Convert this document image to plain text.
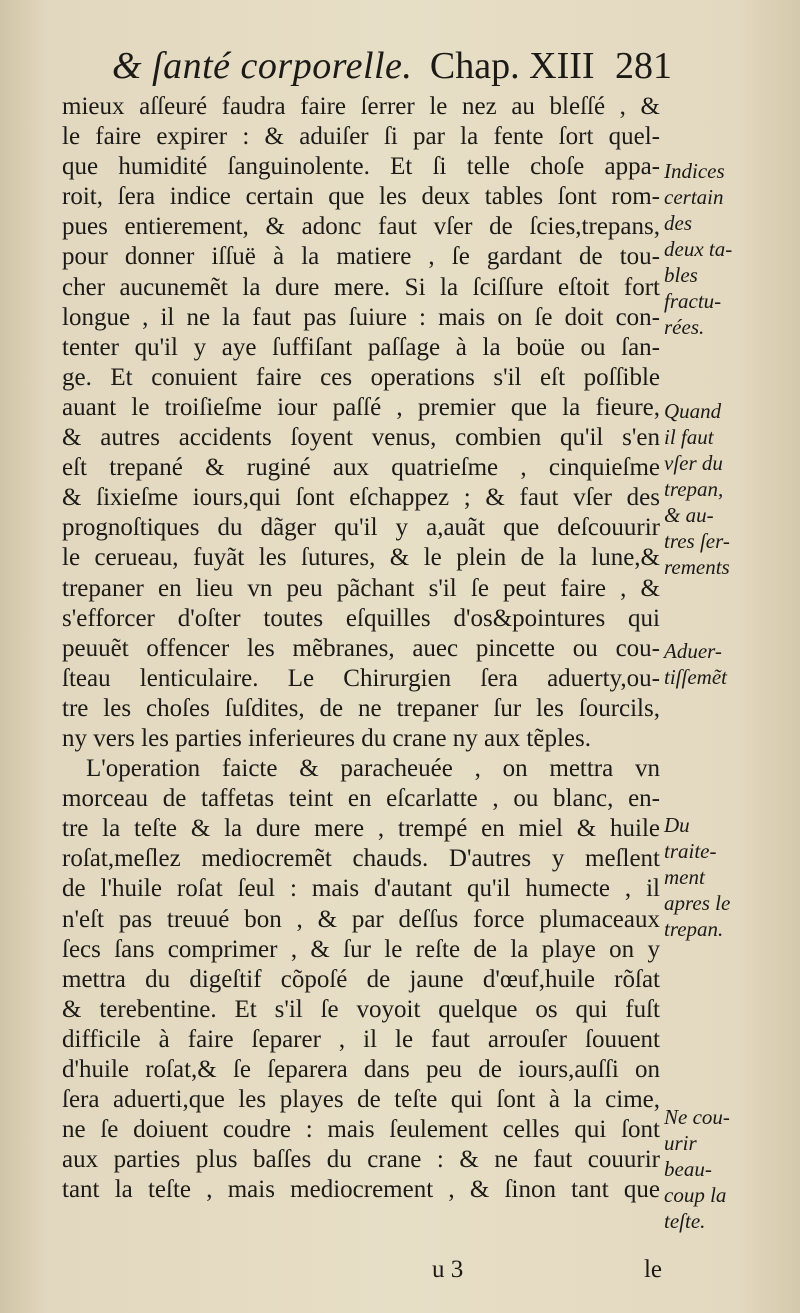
& ſanté corporelle. Chap. XIII 281
mieux aſſeuré faudra faire ſerrer le nez au bleſſé , &
le faire expirer : & aduiſer ſi par la fente ſort quel-
que humidité ſanguinolente. Et ſi telle choſe appa-
roit, ſera indice certain que les deux tables ſont rom-
pues entierement, & adonc faut vſer de ſcies,trepans,
pour donner iſſuë à la matiere , ſe gardant de tou-
cher aucunemẽt la dure mere. Si la ſciſſure eſtoit fort
longue , il ne la faut pas ſuiure : mais on ſe doit con-
tenter qu'il y aye ſuffiſant paſſage à la boüe ou ſan-
ge. Et conuient faire ces operations s'il eſt poſſible
auant le troiſieſme iour paſſé , premier que la fieure,
& autres accidents ſoyent venus, combien qu'il s'en
eſt trepané & ruginé aux quatrieſme , cinquieſme
& ſixieſme iours,qui ſont eſchappez ; & faut vſer des
prognoſtiques du dãger qu'il y a,auãt que deſcouurir
le cerueau, fuyãt les ſutures, & le plein de la lune,&
trepaner en lieu vn peu pãchant s'il ſe peut faire , &
s'efforcer d'oſter toutes eſquilles d'os&pointures qui
peuuẽt offencer les mẽbranes, auec pincette ou cou-
ſteau lenticulaire. Le Chirurgien ſera aduerty,ou-
tre les choſes ſuſdites, de ne trepaner ſur les ſourcils,
ny vers les parties inferieures du crane ny aux tẽples.
L'operation faicte & paracheuée , on mettra vn
morceau de taffetas teint en eſcarlatte , ou blanc, en-
tre la teſte & la dure mere , trempé en miel & huile
roſat,meſlez mediocremẽt chauds. D'autres y meſlent
de l'huile roſat ſeul : mais d'autant qu'il humecte , il
n'eſt pas treuué bon , & par deſſus force plumaceaux
ſecs ſans comprimer , & ſur le reſte de la playe on y
mettra du digeſtif cõpoſé de jaune d'œuf,huile rõſat
& terebentine. Et s'il ſe voyoit quelque os qui fuſt
difficile à faire ſeparer , il le faut arrouſer ſouuent
d'huile roſat,& ſe ſeparera dans peu de iours,auſſi on
ſera aduerti,que les playes de teſte qui ſont à la cime,
ne ſe doiuent coudre : mais ſeulement celles qui ſont
aux parties plus baſſes du crane : & ne faut couurir
tant la teſte , mais mediocrement , & ſinon tant que
Indices
certain
des
deux ta-
bles
fractu-
rées.
Quand
il faut
vſer du
trepan,
& au-
tres ſer-
rements
Aduer-
tiſſemẽt
Du
traite-
ment
apres le
trepan.
Ne cou-
urir
beau-
coup la
teſte.
u 3	le
